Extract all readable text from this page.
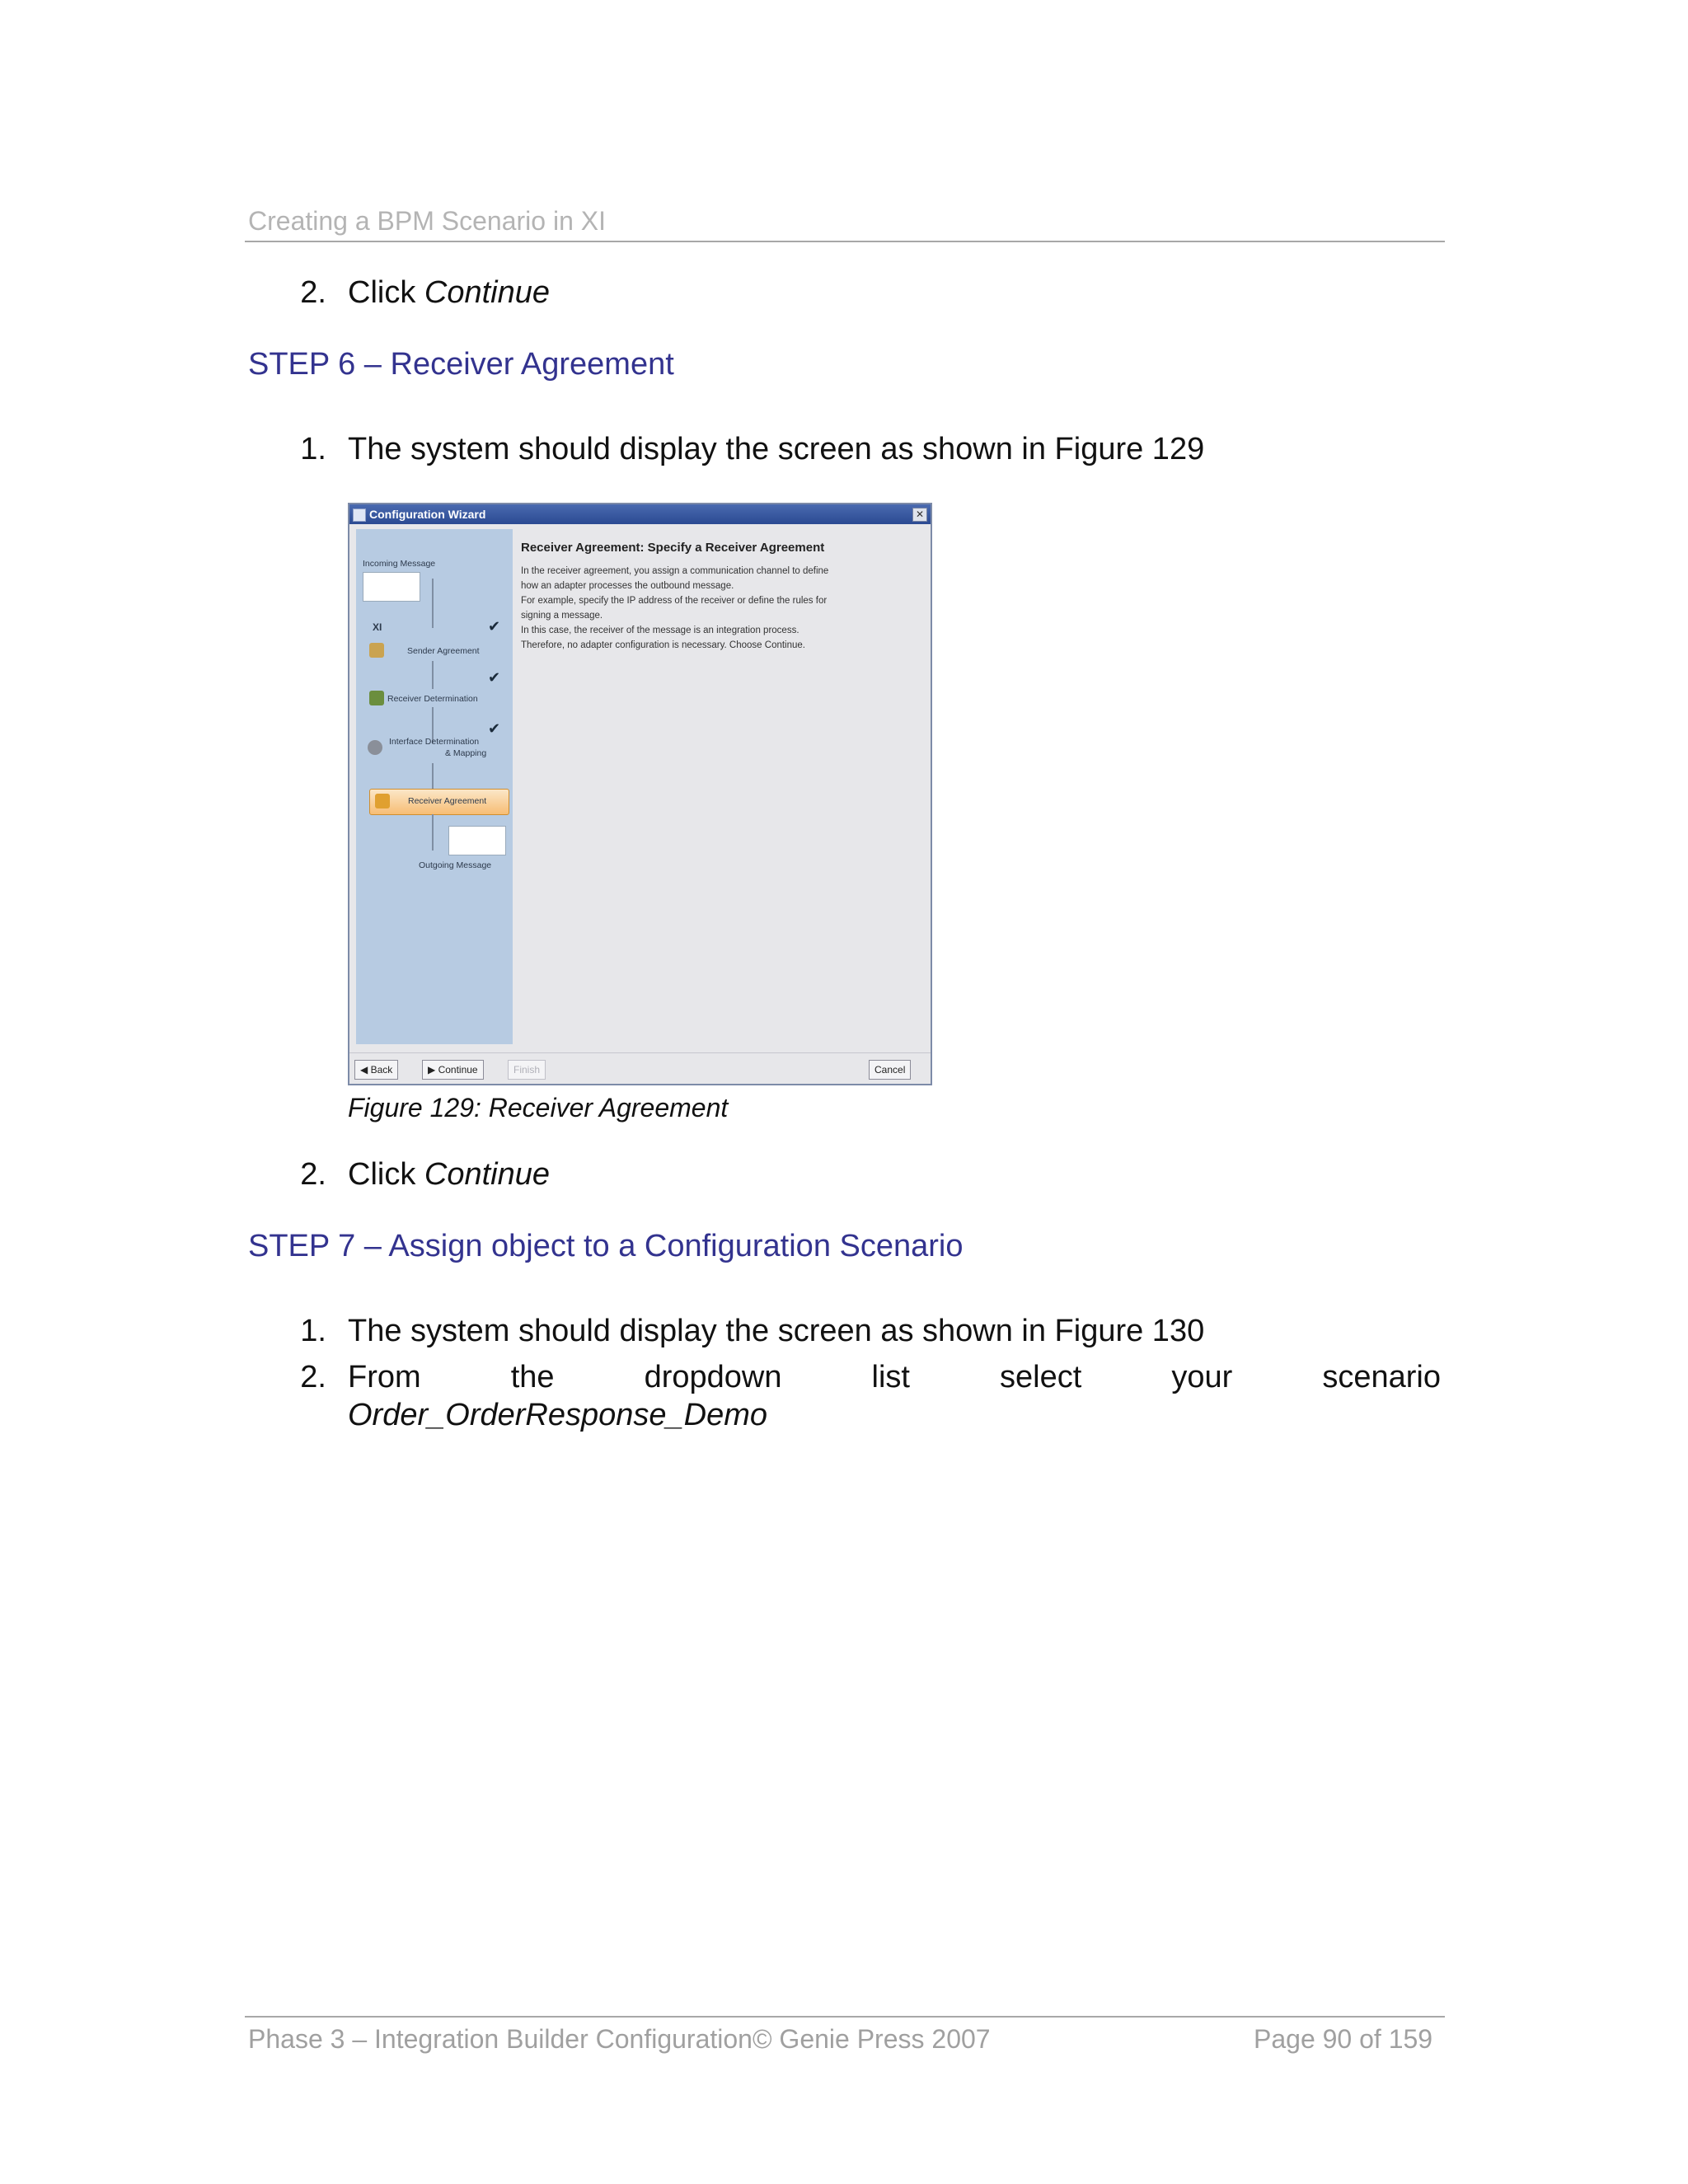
Creating a BPM Scenario in XI
2. Click Continue
STEP 6 – Receiver Agreement
1. The system should display the screen as shown in Figure 129
Configuration Wizard	✕
Incoming Message
XI	✔
Sender Agreement
✔
Receiver Determination
✔
Interface Determination
& Mapping
Receiver Agreement
Outgoing Message
Receiver Agreement: Specify a Receiver Agreement
In the receiver agreement, you assign a communication channel to define
how an adapter processes the outbound message.
For example, specify the IP address of the receiver or define the rules for
signing a message.
In this case, the receiver of the message is an integration process.
Therefore, no adapter configuration is necessary. Choose Continue.
◀ Back	▶ Continue	Finish	Cancel
Figure 129: Receiver Agreement
2. Click Continue
STEP 7 – Assign object to a Configuration Scenario
1. The system should display the screen as shown in Figure 130
2. From	the	dropdown	list	select	your	scenario
Order_OrderResponse_Demo
Phase 3 – Integration Builder Configuration© Genie Press 2007	Page 90 of 159
